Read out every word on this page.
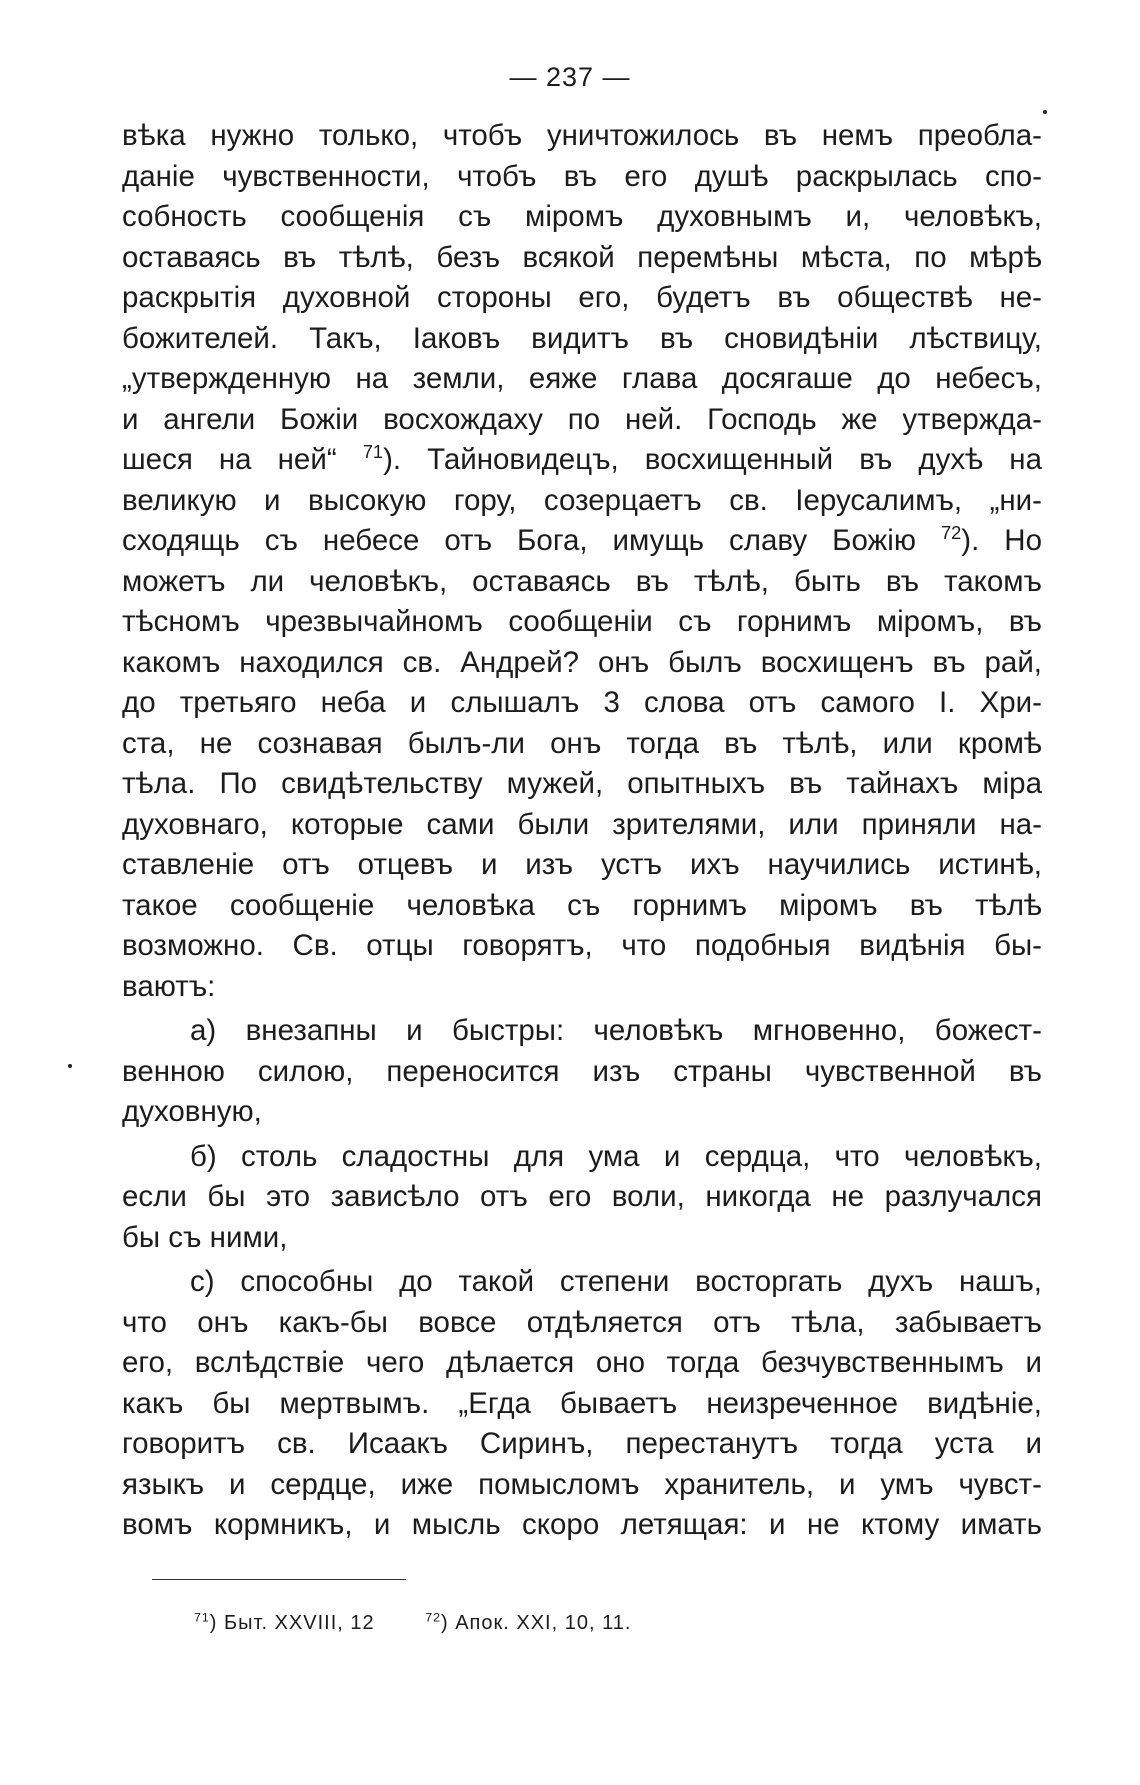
— 237 —
вѣка нужно только, чтобъ уничтожилось въ немъ преобла-
даніе чувственности, чтобъ въ его душѣ раскрылась спо-
собность сообщенія съ міромъ духовнымъ и, человѣкъ,
оставаясь въ тѣлѣ, безъ всякой перемѣны мѣста, по мѣрѣ
раскрытія духовной стороны его, будетъ въ обществѣ не-
божителей. Такъ, Іаковъ видитъ въ сновидѣніи лѣствицу,
„утвержденную на земли, еяже глава досягаше до небесъ,
и ангели Божіи восхождаху по ней. Господь же утвержда-
шеся на ней“ $^{71}$). Тайновидецъ, восхищенный въ духѣ на
великую и высокую гору, созерцаетъ св. Іерусалимъ, „ни-
сходящь съ небесе отъ Бога, имущь славу Божію $^{72}$). Но
можетъ ли человѣкъ, оставаясь въ тѣлѣ, быть въ такомъ
тѣсномъ чрезвычайномъ сообщеніи съ горнимъ міромъ, въ
какомъ находился св. Андрей? онъ былъ восхищенъ въ рай,
до третьяго неба и слышалъ 3 слова отъ самого І. Хри-
ста, не сознавая былъ-ли онъ тогда въ тѣлѣ, или кромѣ
тѣла. По свидѣтельству мужей, опытныхъ въ тайнахъ міра
духовнаго, которые сами были зрителями, или приняли на-
ставленіе отъ отцевъ и изъ устъ ихъ научились истинѣ,
такое сообщеніе человѣка съ горнимъ міромъ въ тѣлѣ
возможно. Св. отцы говорятъ, что подобныя видѣнія бы-
ваютъ:
а) внезапны и быстры: человѣкъ мгновенно, божест-
венною силою, переносится изъ страны чувственной въ
духовную,
б) столь сладостны для ума и сердца, что человѣкъ,
если бы это зависѣло отъ его воли, никогда не разлучался
бы съ ними,
с) способны до такой степени восторгать духъ нашъ,
что онъ какъ-бы вовсе отдѣляется отъ тѣла, забываетъ
его, вслѣдствіе чего дѣлается оно тогда безчувственнымъ и
какъ бы мертвымъ. „Егда бываетъ неизреченное видѣніе,
говоритъ св. Исаакъ Сиринъ, перестанутъ тогда уста и
языкъ и сердце, иже помысломъ хранитель, и умъ чувст-
вомъ кормникъ, и мысль скоро летящая: и не ктому имать
$^{71}$) Быт. XXVIII, 12	$^{72}$) Апок. XXI, 10, 11.
